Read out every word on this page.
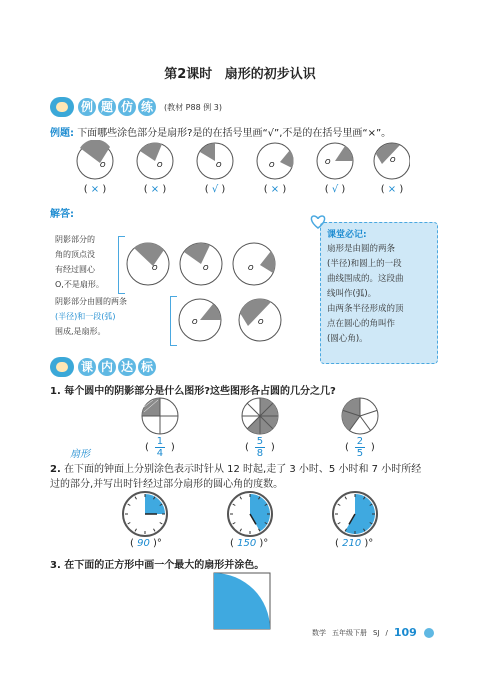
第2课时 扇形的初步认识
例 题 仿 练	(教材 P88 例 3)
例题: 下面哪些涂色部分是扇形?是的在括号里画“√”,不是的在括号里画“×”。
O	O	O	O	O	O
( × )	( × )	( √ )	( × )	( √ )	( × )
解答:
阴影部分的
角的顶点没
有经过圆心
O,不是扇形。
O	O	O
阴影部分由圆的两条
(半径)和一段(弧)
围成,是扇形。
O	O
课堂必记:

扇形是由圆的两条

(半径)和圆上的一段

曲线围成的。这段曲

线叫作(弧)。

由两条半径形成的顶

点在圆心的角叫作

(圆心角)。

课 内 达 标
1. 每个圆中的阴影部分是什么图形?这些图形各占圆的几分之几?
扇形
( $\frac{1}{4}$ )	( $\frac{5}{8}$ )	( $\frac{2}{5}$ )
2. 在下面的钟面上分别涂色表示时针从 12 时起,走了 3 小时、5 小时和 7 小时所经过的部分,并写出时针经过部分扇形的圆心角的度数。
( 90 )°	( 150 )°	( 210 )°
3. 在下面的正方形中画一个最大的扇形并涂色。
数学 五年级下册 SJ / 109
